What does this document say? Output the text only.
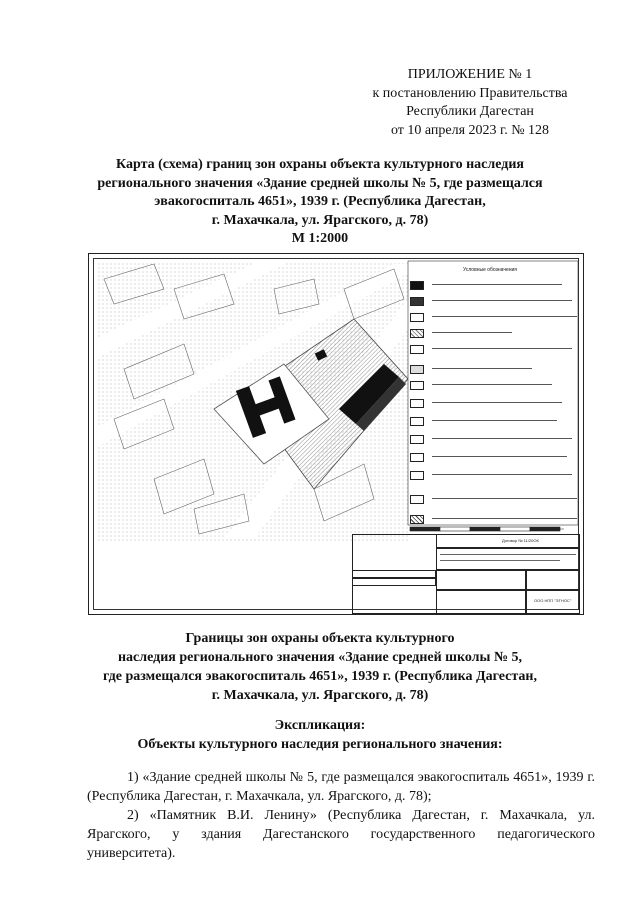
ПРИЛОЖЕНИЕ № 1
к постановлению Правительства
Республики Дагестан
от 10 апреля 2023 г. № 128
Карта (схема) границ зон охраны объекта культурного наследия
регионального значения «Здание средней школы № 5, где размещался
эвакогоспиталь 4651», 1939 г. (Республика Дагестан,
г. Махачкала, ул. Ярагского, д. 78)
М 1:2000
Условные обозначения
Договор № 11/20ОК
ООО НПП "ЭТНОС"
Границы зон охраны объекта культурного
наследия регионального значения «Здание средней школы № 5,
где размещался эвакогоспиталь 4651», 1939 г. (Республика Дагестан,
г. Махачкала, ул. Ярагского, д. 78)
Экспликация:
Объекты культурного наследия регионального значения:

1) «Здание средней школы № 5, где размещался эвакогоспиталь 4651», 1939 г. (Республика Дагестан, г. Махачкала, ул. Ярагского, д. 78);

2) «Памятник В.И. Ленину» (Республика Дагестан, г. Махачкала, ул. Ярагского, у здания Дагестанского государственного педагогического университета).
